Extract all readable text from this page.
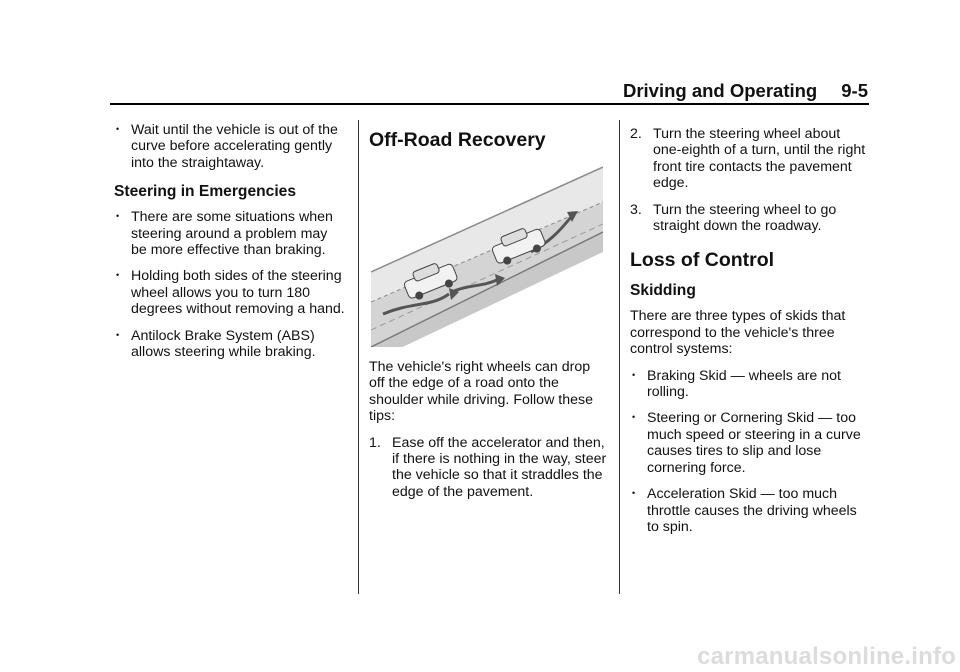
Driving and Operating 9-5
• Wait until the vehicle is out of the curve before accelerating gently into the straightaway.
Steering in Emergencies
• There are some situations when steering around a problem may be more effective than braking.
• Holding both sides of the steering wheel allows you to turn 180 degrees without removing a hand.
• Antilock Brake System (ABS) allows steering while braking.
Off-Road Recovery

The vehicle's right wheels can drop off the edge of a road onto the shoulder while driving. Follow these tips:

1. Ease off the accelerator and then, if there is nothing in the way, steer the vehicle so that it straddles the edge of the pavement.
2. Turn the steering wheel about one-eighth of a turn, until the right front tire contacts the pavement edge.
3. Turn the steering wheel to go straight down the roadway.
Loss of Control
Skidding

There are three types of skids that correspond to the vehicle's three control systems:

• Braking Skid — wheels are not rolling.
• Steering or Cornering Skid — too much speed or steering in a curve causes tires to slip and lose cornering force.
• Acceleration Skid — too much throttle causes the driving wheels to spin.
carmanualsonline.info
